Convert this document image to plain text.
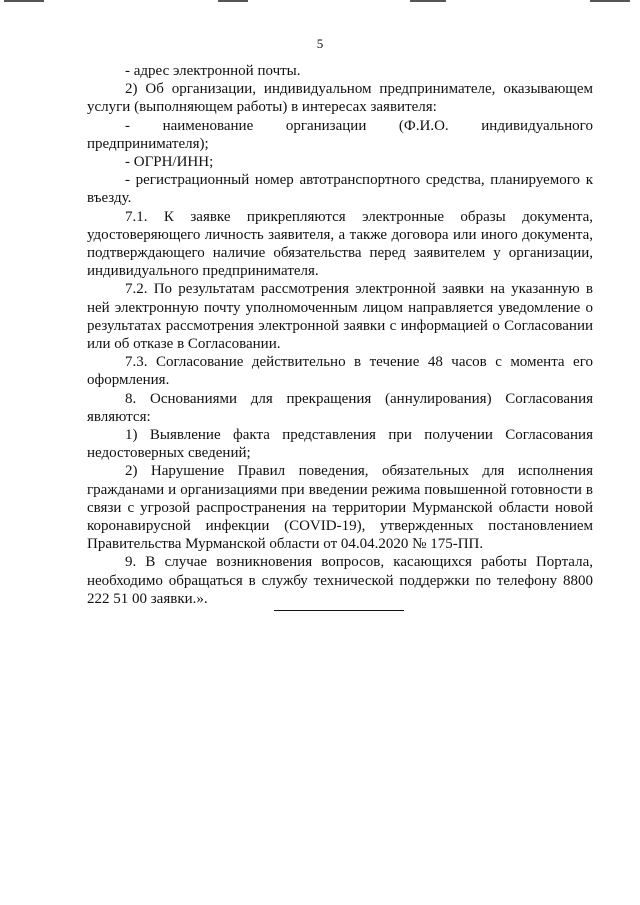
5

- адрес электронной почты.

2) Об организации, индивидуальном предпринимателе, оказывающем услуги (выполняющем работы) в интересах заявителя:

- наименование организации (Ф.И.О. индивидуального

предпринимателя);

- ОГРН/ИНН;

- регистрационный номер автотранспортного средства, планируемого к въезду.

7.1. К заявке прикрепляются электронные образы документа, удостоверяющего личность заявителя, а также договора или иного документа, подтверждающего наличие обязательства перед заявителем у организации, индивидуального предпринимателя.

7.2. По результатам рассмотрения электронной заявки на указанную в ней электронную почту уполномоченным лицом направляется уведомление о результатах рассмотрения электронной заявки с информацией о Согласовании или об отказе в Согласовании.

7.3. Согласование действительно в течение 48 часов с момента его оформления.

8. Основаниями для прекращения (аннулирования) Согласования являются:

1) Выявление факта представления при получении Согласования недостоверных сведений;

2) Нарушение Правил поведения, обязательных для исполнения гражданами и организациями при введении режима повышенной готовности в связи с угрозой распространения на территории Мурманской области новой коронавирусной инфекции (COVID-19), утвержденных постановлением Правительства Мурманской области от 04.04.2020 № 175-ПП.

9. В случае возникновения вопросов, касающихся работы Портала, необходимо обращаться в службу технической поддержки по телефону 8800 222 51 00 заявки.».
